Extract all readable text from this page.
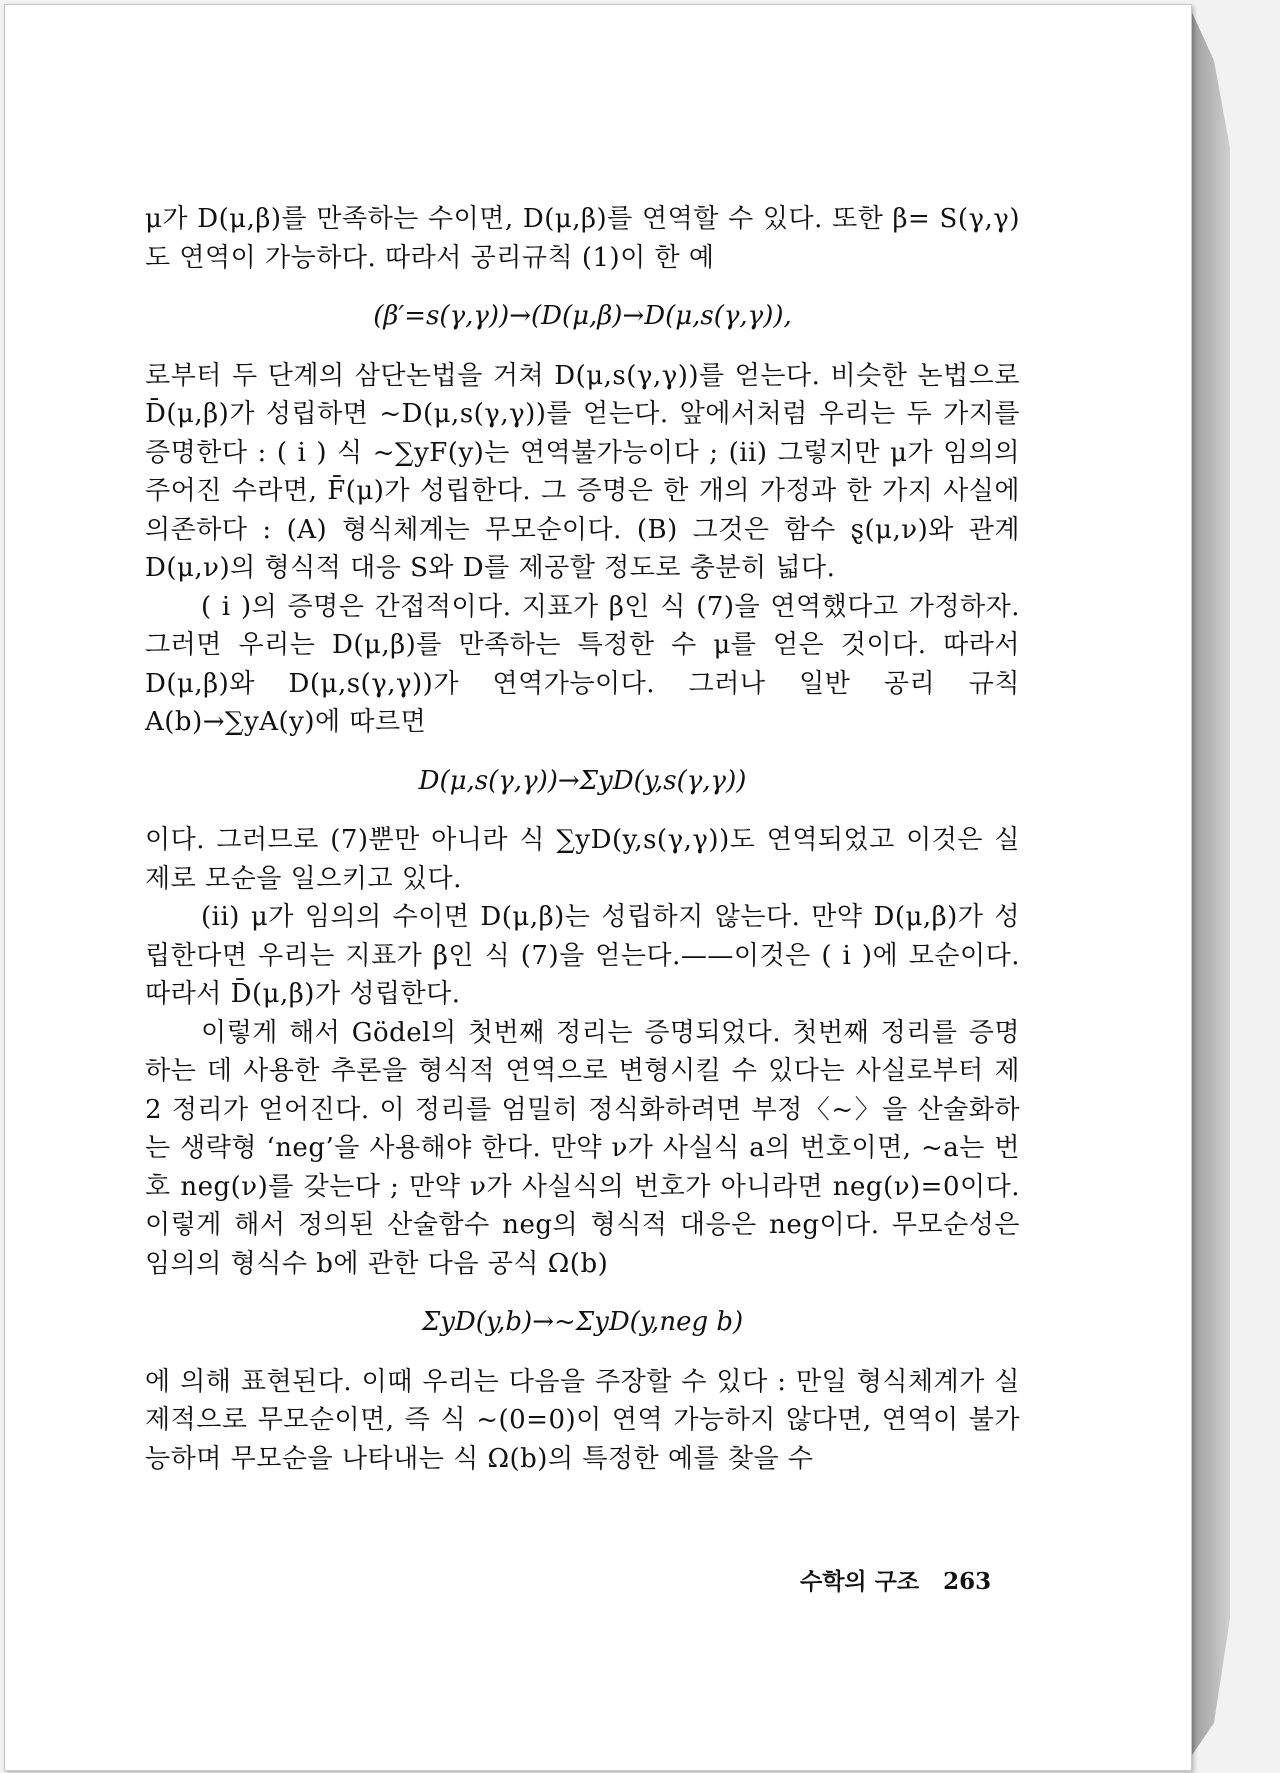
μ가 D(μ,β)를 만족하는 수이면, D(μ,β)를 연역할 수 있다. 또한 β= S(γ,γ)도 연역이 가능하다. 따라서 공리규칙 (1)이 한 예

(β′=s(γ,γ))→(D(μ,β)→D(μ,s(γ,γ)),

로부터 두 단계의 삼단논법을 거쳐 D(μ,s(γ,γ))를 얻는다. 비슷한 논법으로 D̄(μ,β)가 성립하면 ~D(μ,s(γ,γ))를 얻는다. 앞에서처럼 우리는 두 가지를 증명한다 : ( i ) 식 ~∑yF(y)는 연역불가능이다 ; (ii) 그렇지만 μ가 임의의 주어진 수라면, F̄(μ)가 성립한다. 그 증명은 한 개의 가정과 한 가지 사실에 의존하다 : (A) 형식체계는 무모순이다. (B) 그것은 함수 ȿ(μ,ν)와 관계 D(μ,ν)의 형식적 대응 S와 D를 제공할 정도로 충분히 넓다.

( i )의 증명은 간접적이다. 지표가 β인 식 (7)을 연역했다고 가정하자. 그러면 우리는 D(μ,β)를 만족하는 특정한 수 μ를 얻은 것이다. 따라서 D(μ,β)와 D(μ,s(γ,γ))가 연역가능이다. 그러나 일반 공리 규칙 A(b)→∑yA(y)에 따르면

D(μ,s(γ,γ))→ΣyD(y,s(γ,γ))

이다. 그러므로 (7)뿐만 아니라 식 ∑yD(y,s(γ,γ))도 연역되었고 이것은 실제로 모순을 일으키고 있다.

(ii) μ가 임의의 수이면 D(μ,β)는 성립하지 않는다. 만약 D(μ,β)가 성립한다면 우리는 지표가 β인 식 (7)을 얻는다.——이것은 ( i )에 모순이다. 따라서 D̄(μ,β)가 성립한다.

이렇게 해서 Gödel의 첫번째 정리는 증명되었다. 첫번째 정리를 증명하는 데 사용한 추론을 형식적 연역으로 변형시킬 수 있다는 사실로부터 제 2 정리가 얻어진다. 이 정리를 엄밀히 정식화하려면 부정〈~〉을 산술화하는 생략형 ‘neg’을 사용해야 한다. 만약 ν가 사실식 a의 번호이면, ~a는 번호 neg(ν)를 갖는다 ; 만약 ν가 사실식의 번호가 아니라면 neg(ν)=0이다. 이렇게 해서 정의된 산술함수 neg의 형식적 대응은 neg이다. 무모순성은 임의의 형식수 b에 관한 다음 공식 Ω(b)

ΣyD(y,b)→~ΣyD(y,neg b)

에 의해 표현된다. 이때 우리는 다음을 주장할 수 있다 : 만일 형식체계가 실제적으로 무모순이면, 즉 식 ~(0=0)이 연역 가능하지 않다면, 연역이 불가능하며 무모순을 나타내는 식 Ω(b)의 특정한 예를 찾을 수

수학의 구조 263
